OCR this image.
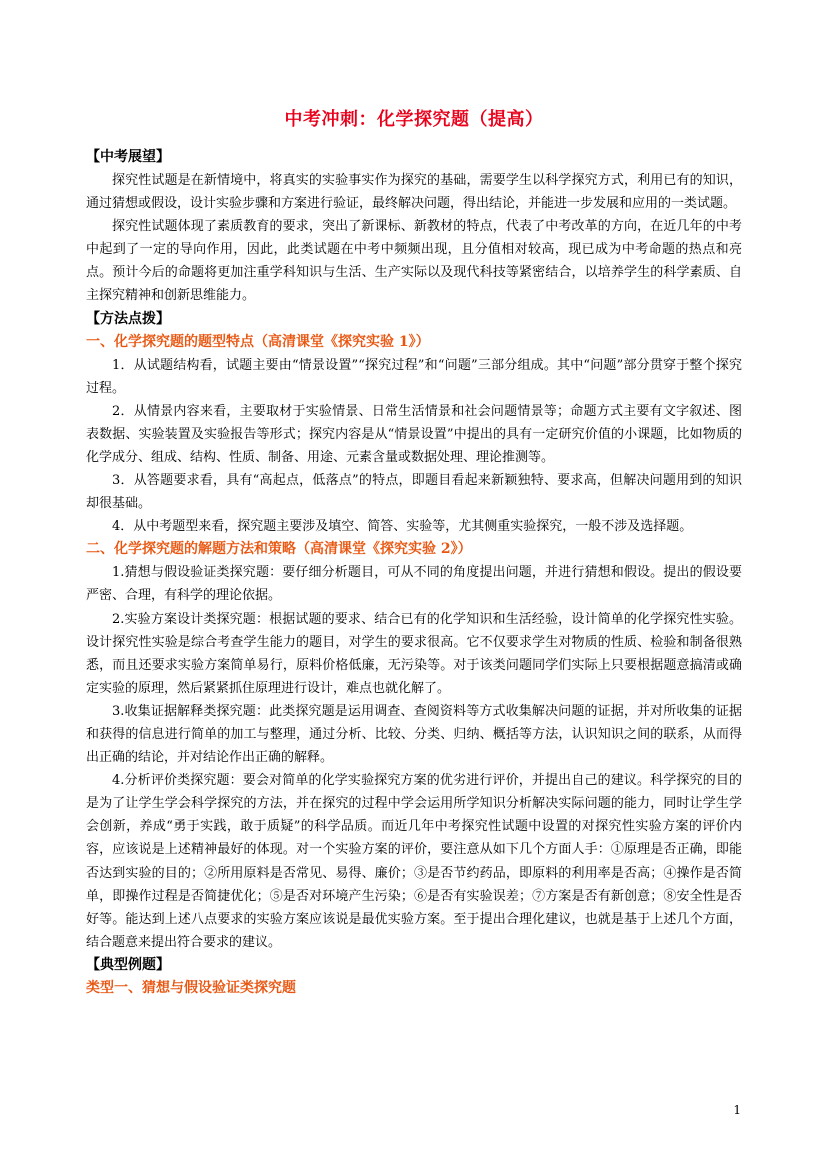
中考冲刺：化学探究题（提高）
【中考展望】

探究性试题是在新情境中，将真实的实验事实作为探究的基础，需要学生以科学探究方式，利用已有的知识，通过猜想或假设，设计实验步骤和方案进行验证，最终解决问题，得出结论，并能进一步发展和应用的一类试题。

探究性试题体现了素质教育的要求，突出了新课标、新教材的特点，代表了中考改革的方向，在近几年的中考中起到了一定的导向作用，因此，此类试题在中考中频频出现，且分值相对较高，现已成为中考命题的热点和亮点。预计今后的命题将更加注重学科知识与生活、生产实际以及现代科技等紧密结合，以培养学生的科学素质、自主探究精神和创新思维能力。

【方法点拨】
一、化学探究题的题型特点（高清课堂《探究实验 1》）

1．从试题结构看，试题主要由“情景设置”“探究过程”和“问题”三部分组成。其中“问题”部分贯穿于整个探究过程。

2．从情景内容来看，主要取材于实验情景、日常生活情景和社会问题情景等；命题方式主要有文字叙述、图表数据、实验装置及实验报告等形式；探究内容是从“情景设置”中提出的具有一定研究价值的小课题，比如物质的化学成分、组成、结构、性质、制备、用途、元素含量或数据处理、理论推测等。

3．从答题要求看，具有“高起点，低落点”的特点，即题目看起来新颖独特、要求高，但解决问题用到的知识却很基础。

4．从中考题型来看，探究题主要涉及填空、简答、实验等，尤其侧重实验探究，一般不涉及选择题。

二、化学探究题的解题方法和策略（高清课堂《探究实验 2》）

1.猜想与假设验证类探究题：要仔细分析题目，可从不同的角度提出问题，并进行猜想和假设。提出的假设要严密、合理，有科学的理论依据。

2.实验方案设计类探究题：根据试题的要求、结合已有的化学知识和生活经验，设计简单的化学探究性实验。设计探究性实验是综合考查学生能力的题目，对学生的要求很高。它不仅要求学生对物质的性质、检验和制备很熟悉，而且还要求实验方案简单易行，原料价格低廉，无污染等。对于该类问题同学们实际上只要根据题意搞清或确定实验的原理，然后紧紧抓住原理进行设计，难点也就化解了。

3.收集证据解释类探究题：此类探究题是运用调查、查阅资料等方式收集解决问题的证据，并对所收集的证据和获得的信息进行简单的加工与整理，通过分析、比较、分类、归纳、概括等方法，认识知识之间的联系，从而得出正确的结论，并对结论作出正确的解释。

4.分析评价类探究题：要会对简单的化学实验探究方案的优劣进行评价，并提出自己的建议。科学探究的目的是为了让学生学会科学探究的方法，并在探究的过程中学会运用所学知识分析解决实际问题的能力，同时让学生学会创新，养成“勇于实践，敢于质疑”的科学品质。而近几年中考探究性试题中设置的对探究性实验方案的评价内容，应该说是上述精神最好的体现。对一个实验方案的评价，要注意从如下几个方面人手：①原理是否正确，即能否达到实验的目的；②所用原料是否常见、易得、廉价；③是否节约药品，即原料的利用率是否高；④操作是否简单，即操作过程是否简捷优化；⑤是否对环境产生污染；⑥是否有实验误差；⑦方案是否有新创意；⑧安全性是否好等。能达到上述八点要求的实验方案应该说是最优实验方案。至于提出合理化建议，也就是基于上述几个方面，结合题意来提出符合要求的建议。

【典型例题】
类型一、猜想与假设验证类探究题
1
